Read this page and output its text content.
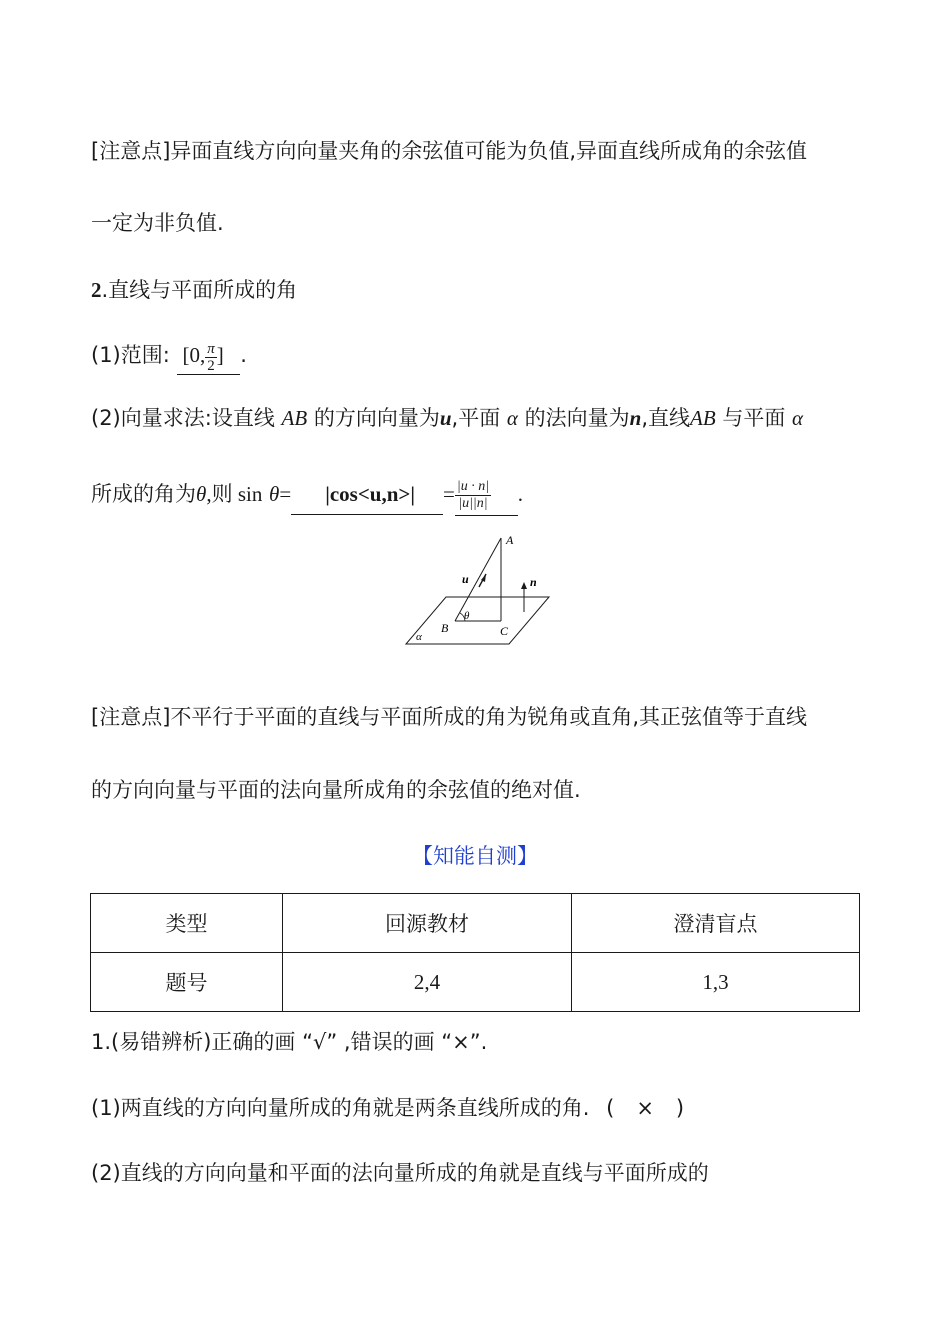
[注意点]异面直线方向向量夹角的余弦值可能为负值,异面直线所成角的余弦值
一定为非负值.
2.直线与平面所成的角
(1)范围: [0, $\frac{\pi}{2}$ ] .
(2)向量求法:设直线 AB 的方向向量为u,平面 α 的法向量为n,直线AB 与平面 α
所成的角为θ,则 $\sin \theta= |\cos<u,n>| = \frac{|u \cdot n|}{|u||n|}$ .
A
B	C
u	n
θ
α
[注意点]不平行于平面的直线与平面所成的角为锐角或直角,其正弦值等于直线
的方向向量与平面的法向量所成角的余弦值的绝对值.
【知能自测】
类型	回源教材	澄清盲点
题号	2,4	1,3
1.(易错辨析)正确的画 “√” ,错误的画 “×”.
(1)两直线的方向向量所成的角就是两条直线所成的角. ( × )
(2)直线的方向向量和平面的法向量所成的角就是直线与平面所成的
